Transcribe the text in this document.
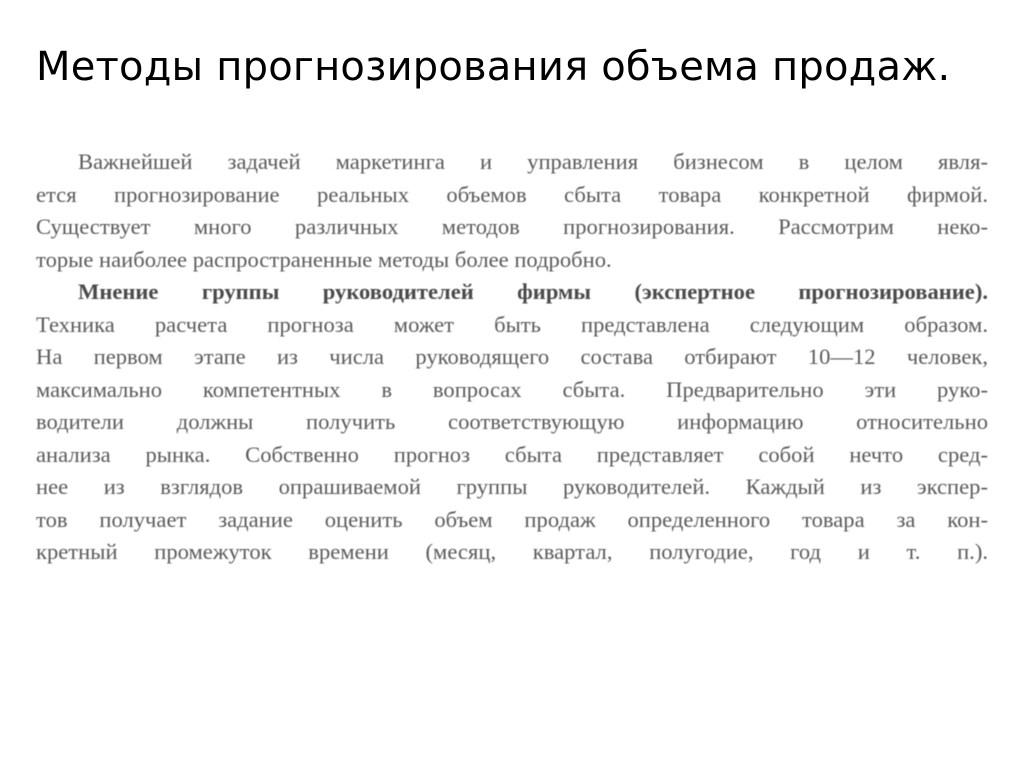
Методы прогнозирования объема продаж.
Важнейшей задачей маркетинга и управления бизнесом в целом явля-
ется прогнозирование реальных объемов сбыта товара конкретной фирмой.
Существует много различных методов прогнозирования. Рассмотрим неко-
торые наиболее распространенные методы более подробно.
Мнение группы руководителей фирмы (экспертное прогнозирование).
Техника расчета прогноза может быть представлена следующим образом.
На первом этапе из числа руководящего состава отбирают 10—12 человек,
максимально компетентных в вопросах сбыта. Предварительно эти руко-
водители должны получить соответствующую информацию относительно
анализа рынка. Собственно прогноз сбыта представляет собой нечто сред-
нее из взглядов опрашиваемой группы руководителей. Каждый из экспер-
тов получает задание оценить объем продаж определенного товара за кон-
кретный промежуток времени (месяц, квартал, полугодие, год и т. п.).
